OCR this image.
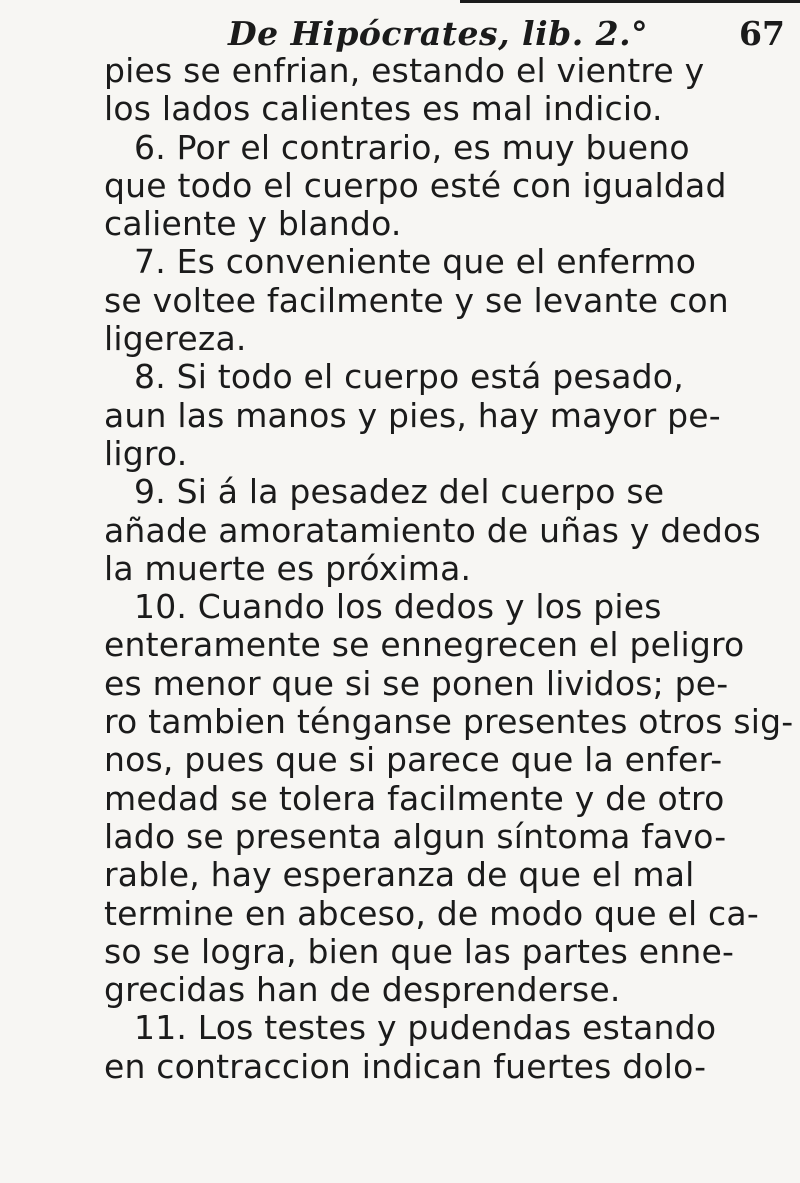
De Hipócrates, lib. 2.°	67
pies se enfrian, estando el vientre y
los lados calientes es mal indicio.
6. Por el contrario, es muy bueno
que todo el cuerpo esté con igualdad
caliente y blando.
7. Es conveniente que el enfermo
se voltee facilmente y se levante con
ligereza.
8. Si todo el cuerpo está pesado,
aun las manos y pies, hay mayor pe-
ligro.
9. Si á la pesadez del cuerpo se
añade amoratamiento de uñas y dedos
la muerte es próxima.
10. Cuando los dedos y los pies
enteramente se ennegrecen el peligro
es menor que si se ponen lividos; pe-
ro tambien ténganse presentes otros sig-
nos, pues que si parece que la enfer-
medad se tolera facilmente y de otro
lado se presenta algun síntoma favo-
rable, hay esperanza de que el mal
termine en abceso, de modo que el ca-
so se logra, bien que las partes enne-
grecidas han de desprenderse.
11. Los testes y pudendas estando
en contraccion indican fuertes dolo-
